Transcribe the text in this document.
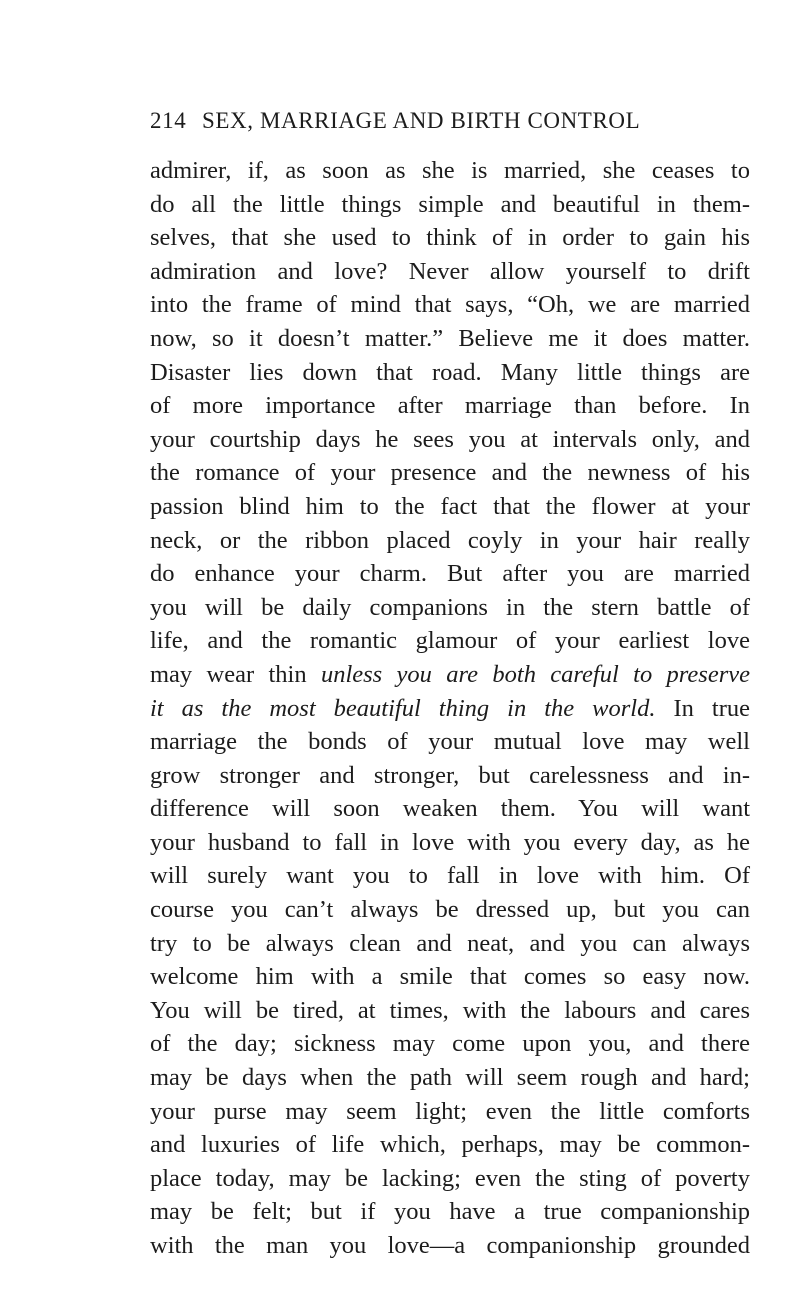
214 SEX, MARRIAGE AND BIRTH CONTROL
admirer, if, as soon as she is married, she ceases to
do all the little things simple and beautiful in them-
selves, that she used to think of in order to gain his
admiration and love? Never allow yourself to drift
into the frame of mind that says, “Oh, we are married
now, so it doesn’t matter.” Believe me it does matter.
Disaster lies down that road. Many little things are
of more importance after marriage than before. In
your courtship days he sees you at intervals only, and
the romance of your presence and the newness of his
passion blind him to the fact that the flower at your
neck, or the ribbon placed coyly in your hair really
do enhance your charm. But after you are married
you will be daily companions in the stern battle of
life, and the romantic glamour of your earliest love
may wear thin unless you are both careful to preserve
it as the most beautiful thing in the world. In true
marriage the bonds of your mutual love may well
grow stronger and stronger, but carelessness and in-
difference will soon weaken them. You will want
your husband to fall in love with you every day, as he
will surely want you to fall in love with him. Of
course you can’t always be dressed up, but you can
try to be always clean and neat, and you can always
welcome him with a smile that comes so easy now.
You will be tired, at times, with the labours and cares
of the day; sickness may come upon you, and there
may be days when the path will seem rough and hard;
your purse may seem light; even the little comforts
and luxuries of life which, perhaps, may be common-
place today, may be lacking; even the sting of poverty
may be felt; but if you have a true companionship
with the man you love—a companionship grounded
